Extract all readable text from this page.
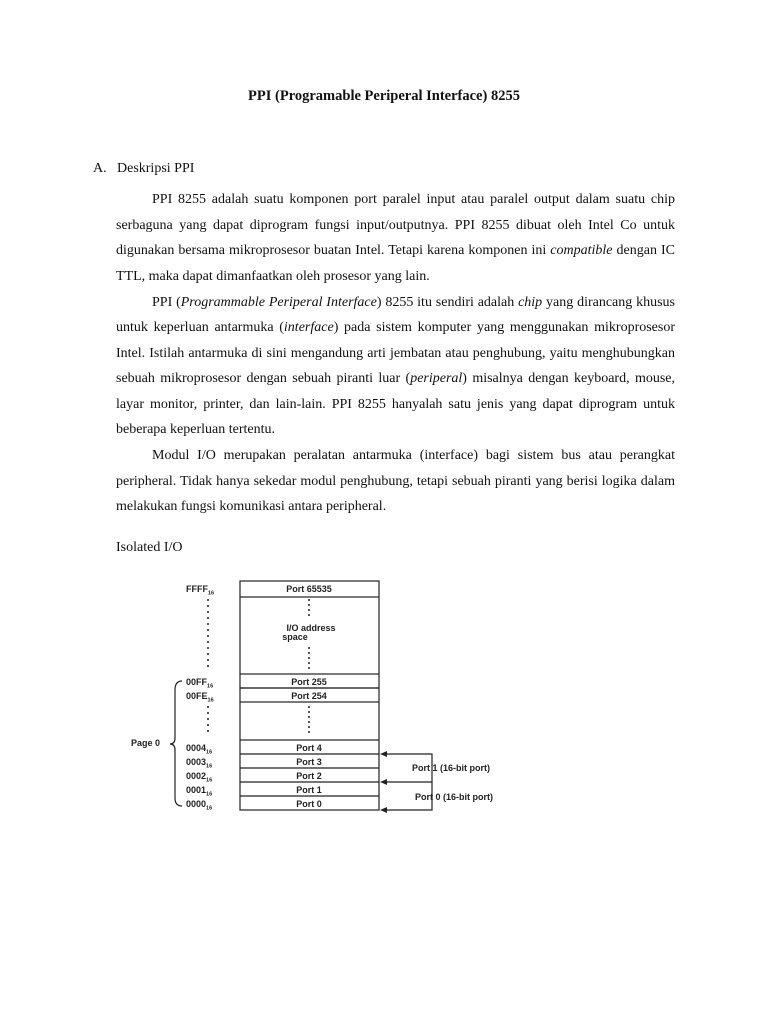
PPI (Programable Periperal Interface) 8255
A. Deskripsi PPI

PPI 8255 adalah suatu komponen port paralel input atau paralel output dalam suatu chip serbaguna yang dapat diprogram fungsi input/outputnya. PPI 8255 dibuat oleh Intel Co untuk digunakan bersama mikroprosesor buatan Intel. Tetapi karena komponen ini compatible dengan IC TTL, maka dapat dimanfaatkan oleh prosesor yang lain.

PPI (Programmable Periperal Interface) 8255 itu sendiri adalah chip yang dirancang khusus untuk keperluan antarmuka (interface) pada sistem komputer yang menggunakan mikroprosesor Intel. Istilah antarmuka di sini mengandung arti jembatan atau penghubung, yaitu menghubungkan sebuah mikroprosesor dengan sebuah piranti luar (periperal) misalnya dengan keyboard, mouse, layar monitor, printer, dan lain-lain. PPI 8255 hanyalah satu jenis yang dapat diprogram untuk beberapa keperluan tertentu.

Modul I/O merupakan peralatan antarmuka (interface) bagi sistem bus atau perangkat peripheral. Tidak hanya sekedar modul penghubung, tetapi sebuah piranti yang berisi logika dalam melakukan fungsi komunikasi antara peripheral.

Isolated I/O
$FFFF_{16}$	Port 65535
I/O address
space
$00FF_{16}$	Port 255
$00FE_{16}$	Port 254
Page 0	$0004_{16}$	Port 4
$0003_{16}$	Port 3
$0002_{16}$	Port 2
$0001_{16}$	Port 1
$0000_{16}$	Port 0
Port 1 (16-bit port)
Port 0 (16-bit port)
